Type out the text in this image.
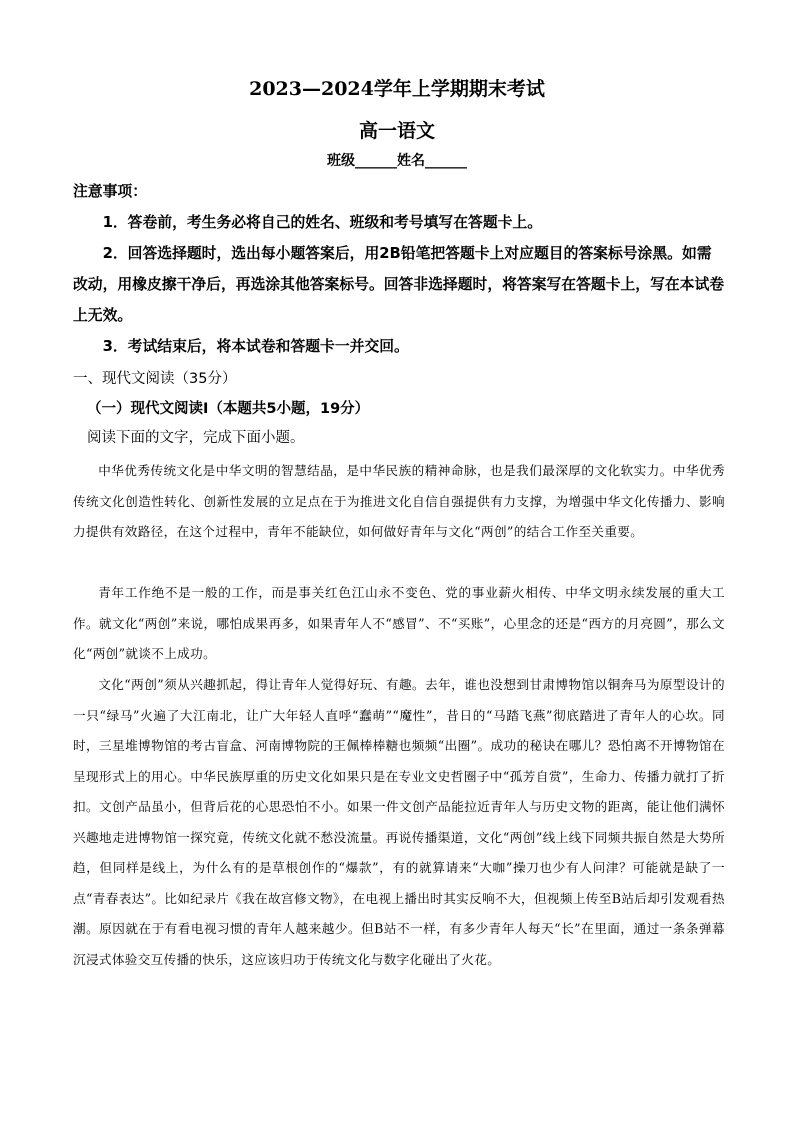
2023—2024学年上学期期末考试
高一语文
班级______姓名______
注意事项：
1．答卷前，考生务必将自己的姓名、班级和考号填写在答题卡上。
2．回答选择题时，选出每小题答案后，用2B铅笔把答题卡上对应题目的答案标号涂黑。如需改动，用橡皮擦干净后，再选涂其他答案标号。回答非选择题时，将答案写在答题卡上，写在本试卷上无效。
3．考试结束后，将本试卷和答题卡一并交回。
一、现代文阅读（35分）
（一）现代文阅读Ⅰ（本题共5小题，19分）
阅读下面的文字，完成下面小题。

中华优秀传统文化是中华文明的智慧结晶，是中华民族的精神命脉，也是我们最深厚的文化软实力。中华优秀传统文化创造性转化、创新性发展的立足点在于为推进文化自信自强提供有力支撑，为增强中华文化传播力、影响力提供有效路径，在这个过程中，青年不能缺位，如何做好青年与文化“两创”的结合工作至关重要。

青年工作绝不是一般的工作，而是事关红色江山永不变色、党的事业薪火相传、中华文明永续发展的重大工作。就文化“两创”来说，哪怕成果再多，如果青年人不“感冒”、不“买账”，心里念的还是“西方的月亮圆”，那么文化“两创”就谈不上成功。

文化“两创”须从兴趣抓起，得让青年人觉得好玩、有趣。去年，谁也没想到甘肃博物馆以铜奔马为原型设计的一只“绿马”火遍了大江南北，让广大年轻人直呼“蠢萌”“魔性”，昔日的“马踏飞燕”彻底踏进了青年人的心坎。同时，三星堆博物馆的考古盲盒、河南博物院的王佩棒棒糖也频频“出圈”。成功的秘诀在哪儿？恐怕离不开博物馆在呈现形式上的用心。中华民族厚重的历史文化如果只是在专业文史哲圈子中“孤芳自赏”，生命力、传播力就打了折扣。文创产品虽小，但背后花的心思恐怕不小。如果一件文创产品能拉近青年人与历史文物的距离，能让他们满怀兴趣地走进博物馆一探究竟，传统文化就不愁没流量。再说传播渠道，文化“两创”线上线下同频共振自然是大势所趋，但同样是线上，为什么有的是草根创作的“爆款”，有的就算请来“大咖”操刀也少有人问津？可能就是缺了一点“青春表达”。比如纪录片《我在故宫修文物》，在电视上播出时其实反响不大，但视频上传至B站后却引发观看热潮。原因就在于有看电视习惯的青年人越来越少。但B站不一样，有多少青年人每天“长”在里面，通过一条条弹幕沉浸式体验交互传播的快乐，这应该归功于传统文化与数字化碰出了火花。
